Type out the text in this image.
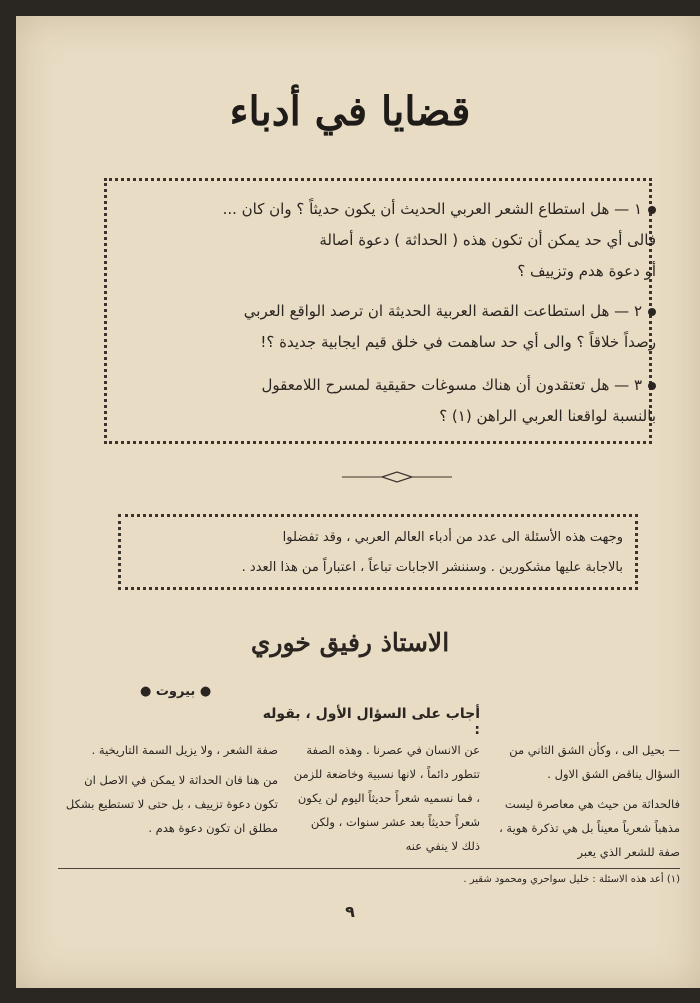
قضايا في أدباء
١ — هل استطاع الشعر العربي الحديث أن يكون حديثاً ؟ وان كان ...
فالى أي حد يمكن أن تكون هذه ( الحداثة ) دعوة أصالة
أو دعوة هدم وتزييف ؟
٢ — هل استطاعت القصة العربية الحديثة ان ترصد الواقع العربي
رصداً خلاقاً ؟ والى أي حد ساهمت في خلق قيم ايجابية جديدة ؟!
٣ — هل تعتقدون أن هناك مسوغات حقيقية لمسرح اللامعقول
بالنسبة لواقعنا العربي الراهن (١) ؟
وجهت هذه الأسئلة الى عدد من أدباء العالم العربي ، وقد تفضلوا
بالاجابة عليها مشكورين . وسننشر الاجابات تباعاً ، اعتباراً من هذا العدد .
الاستاذ رفيق خوري
● بيروت ●
أجاب على السؤال الأول ، بقوله :

— بحيل الى ، وكأن الشق الثاني من السؤال يناقض الشق الاول .

فالحداثة من حيث هي معاصرة ليست مذهباً شعرياً معيناً بل هي تذكرة هوية ، صفة للشعر الذي يعبر

عن الانسان في عصرنا . وهذه الصفة تتطور دائماً ، لانها نسبية وخاضعة للزمن ، فما نسميه شعراً حديثاً اليوم لن يكون شعراً حديثاً بعد عشر سنوات ، ولكن ذلك لا ينفي عنه

صفة الشعر ، ولا يزيل السمة التاريخية .

من هنا فان الحداثة لا يمكن في الاصل ان تكون دعوة تزييف ، بل حتى لا تستطيع بشكل مطلق ان تكون دعوة هدم .

(١) أعد هذه الاسئلة : خليل سواحري ومحمود شقير .
٩
